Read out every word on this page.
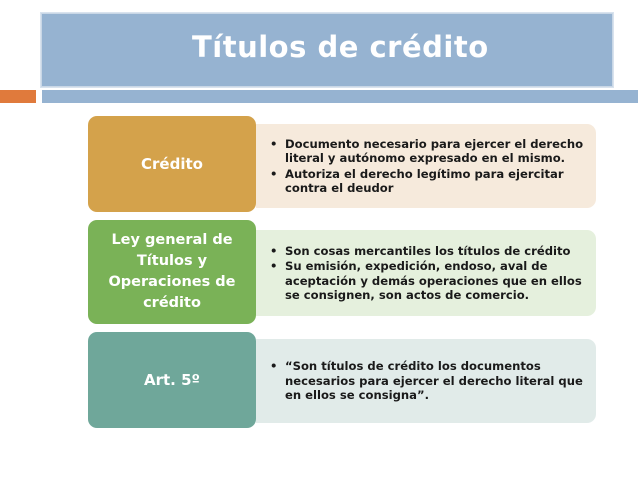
Títulos de crédito
Crédito
• Documento necesario para ejercer el derecho literal y autónomo expresado en el mismo.
• Autoriza el derecho legítimo para ejercitar contra el deudor
Ley general de Títulos y Operaciones de crédito
• Son cosas mercantiles los títulos de crédito
• Su emisión, expedición, endoso, aval de aceptación y demás operaciones que en ellos se consignen, son actos de comercio.
Art. 5º
• “Son títulos de crédito los documentos necesarios para ejercer el derecho literal que en ellos se consigna”.
